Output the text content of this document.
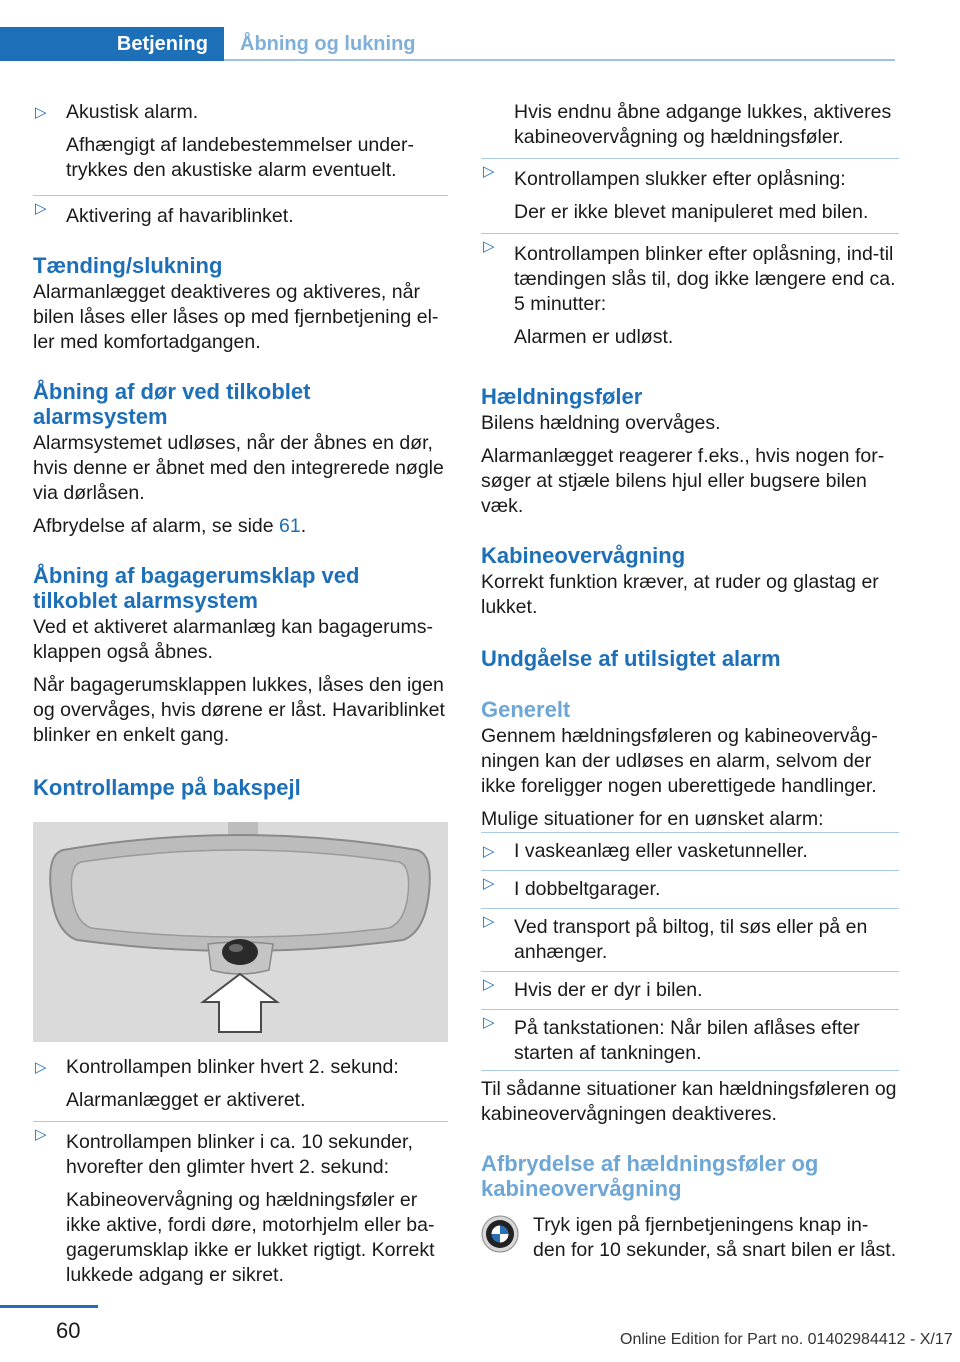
Betjening	Åbning og lukning
▷ Akustisk alarm.

Afhængigt af landebestemmelser under-trykkes den akustiske alarm eventuelt.

▷ Aktivering af havariblinket.

Tænding/slukning

Alarmanlægget deaktiveres og aktiveres, når bilen låses eller låses op med fjernbetjening el-ler med komfortadgangen.

Åbning af dør ved tilkoblet alarmsystem

Alarmsystemet udløses, når der åbnes en dør, hvis denne er åbnet med den integrerede nøgle via dørlåsen.

Afbrydelse af alarm, se side 61.

Åbning af bagagerumsklap ved tilkoblet alarmsystem

Ved et aktiveret alarmanlæg kan bagagerums-klappen også åbnes.

Når bagagerumsklappen lukkes, låses den igen og overvåges, hvis dørene er låst. Havariblinket blinker en enkelt gang.

Kontrollampe på bakspejl
▷ Kontrollampen blinker hvert 2. sekund:

Alarmanlægget er aktiveret.

▷ Kontrollampen blinker i ca. 10 sekunder, hvorefter den glimter hvert 2. sekund:

Kabineovervågning og hældningsføler er ikke aktive, fordi døre, motorhjelm eller ba-gagerumsklap ikke er lukket rigtigt. Korrekt lukkede adgang er sikret.

Hvis endnu åbne adgange lukkes, aktiveres kabineovervågning og hældningsføler.

▷ Kontrollampen slukker efter oplåsning:

Der er ikke blevet manipuleret med bilen.

▷ Kontrollampen blinker efter oplåsning, ind-til tændingen slås til, dog ikke længere end ca. 5 minutter:

Alarmen er udløst.

Hældningsføler

Bilens hældning overvåges.

Alarmanlægget reagerer f.eks., hvis nogen for-søger at stjæle bilens hjul eller bugsere bilen væk.

Kabineovervågning

Korrekt funktion kræver, at ruder og glastag er lukket.

Undgåelse af utilsigtet alarm
Generelt

Gennem hældningsføleren og kabineovervåg-ningen kan der udløses en alarm, selvom der ikke foreligger nogen uberettigede handlinger.

Mulige situationer for en uønsket alarm:

▷ I vaskeanlæg eller vasketunneller.

▷ I dobbeltgarager.

▷ Ved transport på biltog, til søs eller på en anhænger.

▷ Hvis der er dyr i bilen.

▷ På tankstationen: Når bilen aflåses efter starten af tankningen.

Til sådanne situationer kan hældningsføleren og kabineovervågningen deaktiveres.

Afbrydelse af hældningsføler og kabineovervågning

Tryk igen på fjernbetjeningens knap in-den for 10 sekunder, så snart bilen er låst.

60	Online Edition for Part no. 01402984412 - X/17
